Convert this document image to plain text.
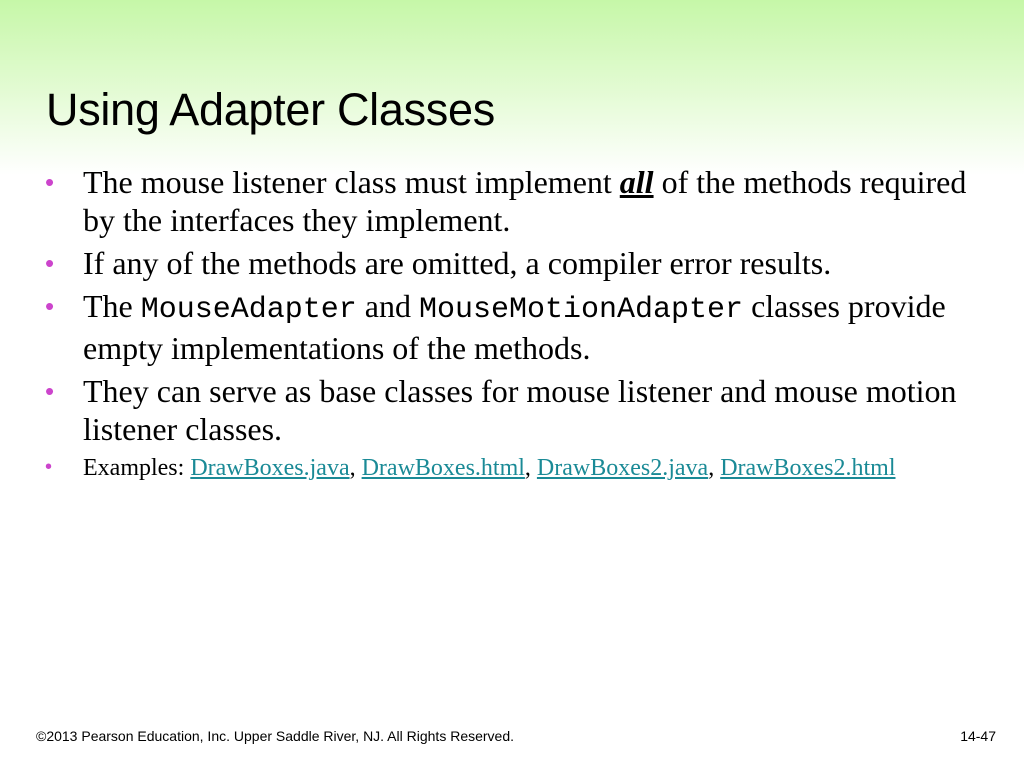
Using Adapter Classes
• The mouse listener class must implement all of the methods required by the interfaces they implement.
• If any of the methods are omitted, a compiler error results.
• The MouseAdapter and MouseMotionAdapter classes provide empty implementations of the methods.
• They can serve as base classes for mouse listener and mouse motion listener classes.
• Examples: DrawBoxes.java, DrawBoxes.html, DrawBoxes2.java, DrawBoxes2.html
©2013 Pearson Education, Inc. Upper Saddle River, NJ. All Rights Reserved.	14-47
